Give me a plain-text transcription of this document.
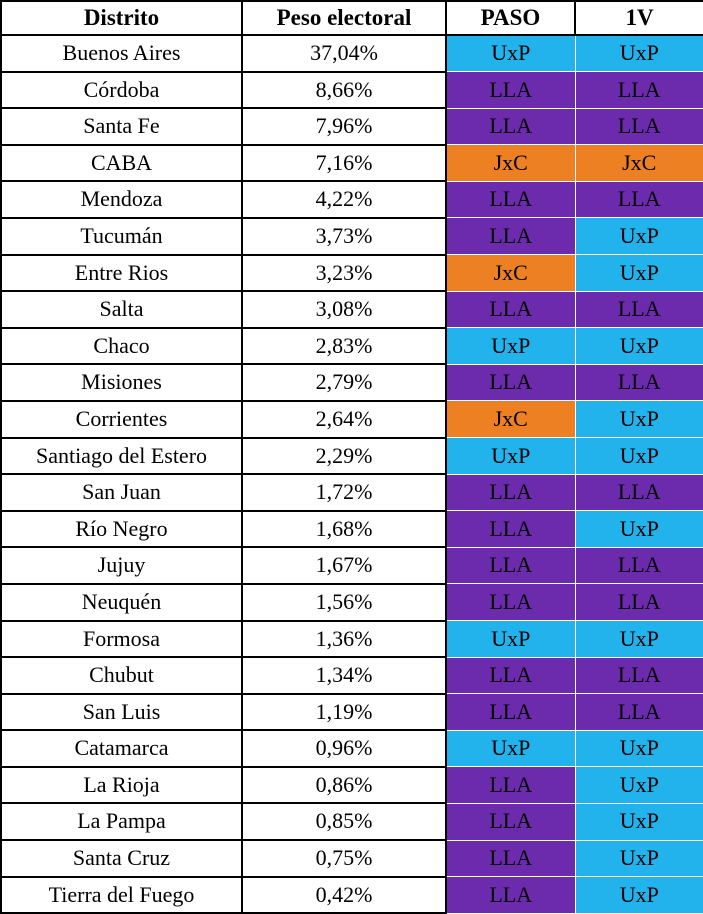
Distrito	Peso electoral	PASO	1V
Buenos Aires	37,04%	UxP	UxP
Córdoba	8,66%	LLA	LLA
Santa Fe	7,96%	LLA	LLA
CABA	7,16%	JxC	JxC
Mendoza	4,22%	LLA	LLA
Tucumán	3,73%	LLA	UxP
Entre Rios	3,23%	JxC	UxP
Salta	3,08%	LLA	LLA
Chaco	2,83%	UxP	UxP
Misiones	2,79%	LLA	LLA
Corrientes	2,64%	JxC	UxP
Santiago del Estero	2,29%	UxP	UxP
San Juan	1,72%	LLA	LLA
Río Negro	1,68%	LLA	UxP
Jujuy	1,67%	LLA	LLA
Neuquén	1,56%	LLA	LLA
Formosa	1,36%	UxP	UxP
Chubut	1,34%	LLA	LLA
San Luis	1,19%	LLA	LLA
Catamarca	0,96%	UxP	UxP
La Rioja	0,86%	LLA	UxP
La Pampa	0,85%	LLA	UxP
Santa Cruz	0,75%	LLA	UxP
Tierra del Fuego	0,42%	LLA	UxP
